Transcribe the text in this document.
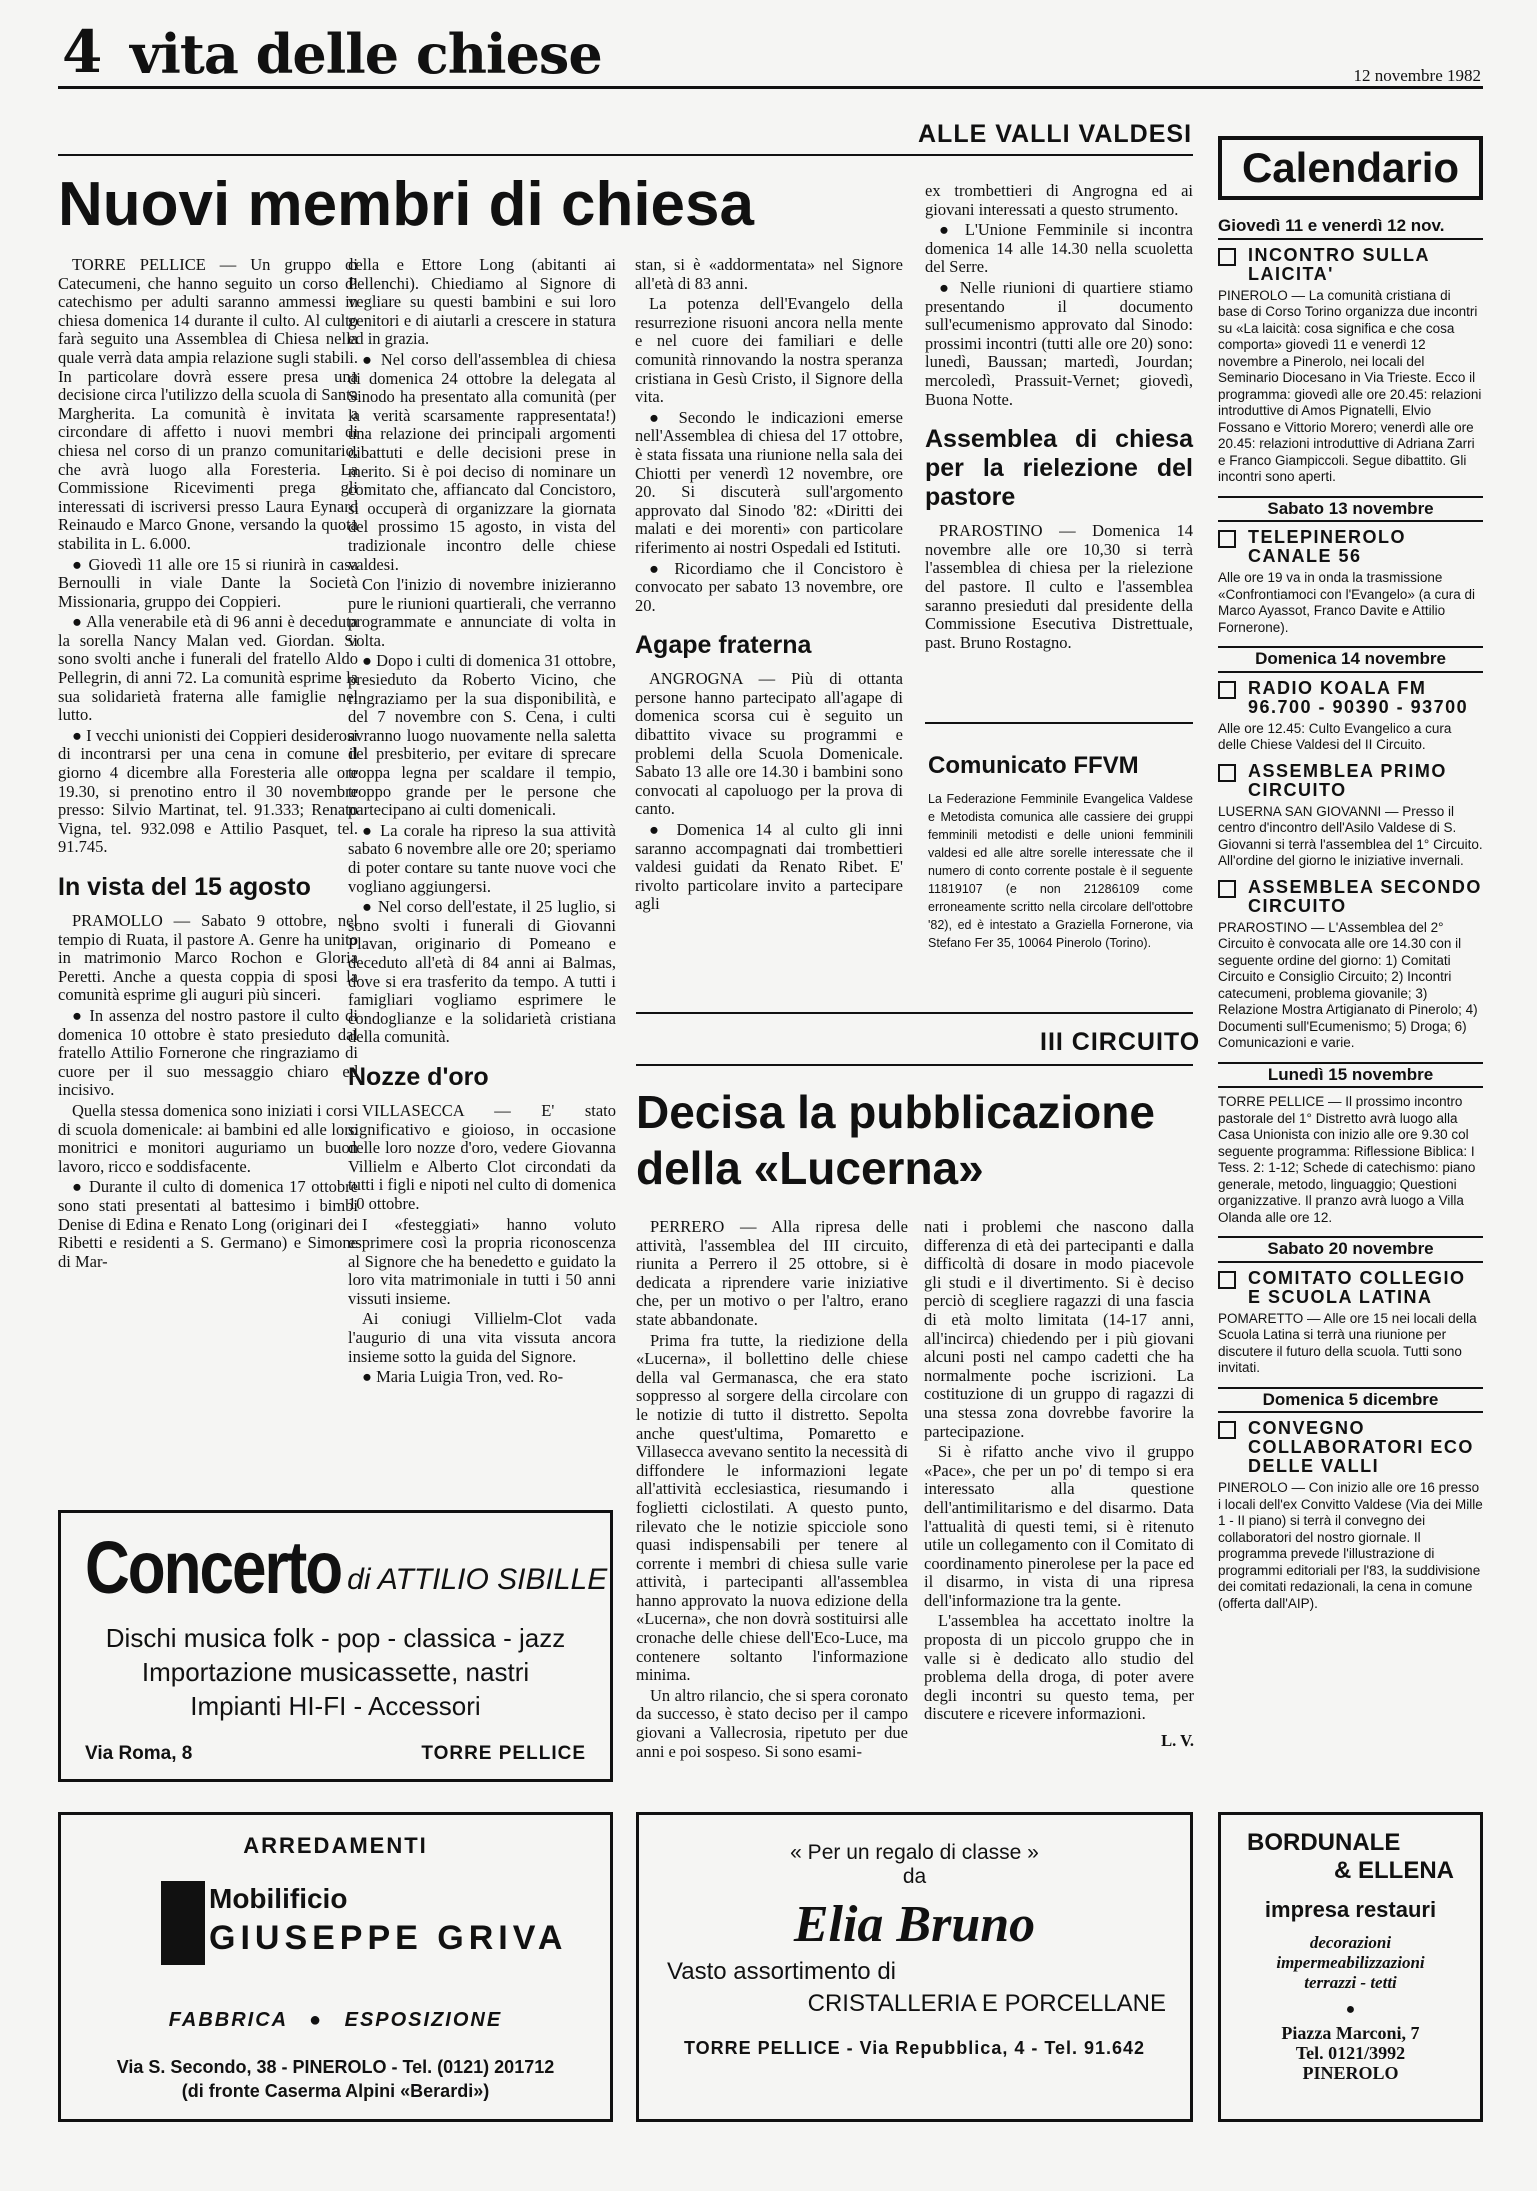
4 vita delle chiese	12 novembre 1982
ALLE VALLI VALDESI
Nuovi membri di chiesa

TORRE PELLICE — Un gruppo di Catecumeni, che hanno seguito un corso di catechismo per adulti saranno ammessi in chiesa domenica 14 durante il culto. Al culto farà seguito una Assemblea di Chiesa nella quale verrà data ampia relazione sugli stabili. In particolare dovrà essere presa una decisione circa l'utilizzo della scuola di Santa Margherita. La comunità è invitata a circondare di affetto i nuovi membri di chiesa nel corso di un pranzo comunitario, che avrà luogo alla Foresteria. La Commissione Ricevimenti prega gli interessati di iscriversi presso Laura Eynard Reinaudo e Marco Gnone, versando la quota stabilita in L. 6.000.

● Giovedì 11 alle ore 15 si riunirà in casa Bernoulli in viale Dante la Società Missionaria, gruppo dei Coppieri.

● Alla venerabile età di 96 anni è deceduta la sorella Nancy Malan ved. Giordan. Si sono svolti anche i funerali del fratello Aldo Pellegrin, di anni 72. La comunità esprime la sua solidarietà fraterna alle famiglie nel lutto.

● I vecchi unionisti dei Coppieri desiderosi di incontrarsi per una cena in comune il giorno 4 dicembre alla Foresteria alle ore 19.30, si prenotino entro il 30 novembre presso: Silvio Martinat, tel. 91.333; Renato Vigna, tel. 932.098 e Attilio Pasquet, tel. 91.745.

In vista del 15 agosto

PRAMOLLO — Sabato 9 ottobre, nel tempio di Ruata, il pastore A. Genre ha unito in matrimonio Marco Rochon e Gloria Peretti. Anche a questa coppia di sposi la comunità esprime gli auguri più sinceri.

● In assenza del nostro pastore il culto di domenica 10 ottobre è stato presieduto dal fratello Attilio Fornerone che ringraziamo di cuore per il suo messaggio chiaro ed incisivo.

Quella stessa domenica sono iniziati i corsi di scuola domenicale: ai bambini ed alle loro monitrici e monitori auguriamo un buon lavoro, ricco e soddisfacente.

● Durante il culto di domenica 17 ottobre sono stati presentati al battesimo i bimbi Denise di Edina e Renato Long (originari dei Ribetti e residenti a S. Germano) e Simone di Mar-

cella e Ettore Long (abitanti ai Pellenchi). Chiediamo al Signore di vegliare su questi bambini e sui loro genitori e di aiutarli a crescere in statura ed in grazia.

● Nel corso dell'assemblea di chiesa di domenica 24 ottobre la delegata al Sinodo ha presentato alla comunità (per la verità scarsamente rappresentata!) una relazione dei principali argomenti dibattuti e delle decisioni prese in merito. Si è poi deciso di nominare un comitato che, affiancato dal Concistoro, si occuperà di organizzare la giornata del prossimo 15 agosto, in vista del tradizionale incontro delle chiese valdesi.

Con l'inizio di novembre inizieranno pure le riunioni quartierali, che verranno programmate e annunciate di volta in volta.

● Dopo i culti di domenica 31 ottobre, presieduto da Roberto Vicino, che ringraziamo per la sua disponibilità, e del 7 novembre con S. Cena, i culti avranno luogo nuovamente nella saletta del presbiterio, per evitare di sprecare troppa legna per scaldare il tempio, troppo grande per le persone che partecipano ai culti domenicali.

● La corale ha ripreso la sua attività sabato 6 novembre alle ore 20; speriamo di poter contare su tante nuove voci che vogliano aggiungersi.

● Nel corso dell'estate, il 25 luglio, si sono svolti i funerali di Giovanni Plavan, originario di Pomeano e deceduto all'età di 84 anni ai Balmas, dove si era trasferito da tempo. A tutti i famigliari vogliamo esprimere le condoglianze e la solidarietà cristiana della comunità.

Nozze d'oro

VILLASECCA — E' stato significativo e gioioso, in occasione delle loro nozze d'oro, vedere Giovanna Villielm e Alberto Clot circondati da tutti i figli e nipoti nel culto di domenica 10 ottobre.

I «festeggiati» hanno voluto esprimere così la propria riconoscenza al Signore che ha benedetto e guidato la loro vita matrimoniale in tutti i 50 anni vissuti insieme.

Ai coniugi Villielm-Clot vada l'augurio di una vita vissuta ancora insieme sotto la guida del Signore.

● Maria Luigia Tron, ved. Ro-

stan, si è «addormentata» nel Signore all'età di 83 anni.

La potenza dell'Evangelo della resurrezione risuoni ancora nella mente e nel cuore dei familiari e delle comunità rinnovando la nostra speranza cristiana in Gesù Cristo, il Signore della vita.

● Secondo le indicazioni emerse nell'Assemblea di chiesa del 17 ottobre, è stata fissata una riunione nella sala dei Chiotti per venerdì 12 novembre, ore 20. Si discuterà sull'argomento approvato dal Sinodo '82: «Diritti dei malati e dei morenti» con particolare riferimento ai nostri Ospedali ed Istituti.

● Ricordiamo che il Concistoro è convocato per sabato 13 novembre, ore 20.

Agape fraterna

ANGROGNA — Più di ottanta persone hanno partecipato all'agape di domenica scorsa cui è seguito un dibattito vivace su programmi e problemi della Scuola Domenicale. Sabato 13 alle ore 14.30 i bambini sono convocati al capoluogo per la prova di canto.

● Domenica 14 al culto gli inni saranno accompagnati dai trombettieri valdesi guidati da Renato Ribet. E' rivolto particolare invito a partecipare agli

ex trombettieri di Angrogna ed ai giovani interessati a questo strumento.

● L'Unione Femminile si incontra domenica 14 alle 14.30 nella scuoletta del Serre.

● Nelle riunioni di quartiere stiamo presentando il documento sull'ecumenismo approvato dal Sinodo: prossimi incontri (tutti alle ore 20) sono: lunedì, Baussan; martedì, Jourdan; mercoledì, Prassuit-Vernet; giovedì, Buona Notte.

Assemblea di chiesa per la rielezione del pastore

PRAROSTINO — Domenica 14 novembre alle ore 10,30 si terrà l'assemblea di chiesa per la rielezione del pastore. Il culto e l'assemblea saranno presieduti dal presidente della Commissione Esecutiva Distrettuale, past. Bruno Rostagno.

Comunicato FFVM
La Federazione Femminile Evangelica Valdese e Metodista comunica alle cassiere dei gruppi femminili metodisti e delle unioni femminili valdesi ed alle altre sorelle interessate che il numero di conto corrente postale è il seguente 11819107 (e non 21286109 come erroneamente scritto nella circolare dell'ottobre '82), ed è intestato a Graziella Fornerone, via Stefano Fer 35, 10064 Pinerolo (Torino).
III CIRCUITO
Decisa la pubblicazione della «Lucerna»

PERRERO — Alla ripresa delle attività, l'assemblea del III circuito, riunita a Perrero il 25 ottobre, si è dedicata a riprendere varie iniziative che, per un motivo o per l'altro, erano state abbandonate.

Prima fra tutte, la riedizione della «Lucerna», il bollettino delle chiese della val Germanasca, che era stato soppresso al sorgere della circolare con le notizie di tutto il distretto. Sepolta anche quest'ultima, Pomaretto e Villasecca avevano sentito la necessità di diffondere le informazioni legate all'attività ecclesiastica, riesumando i foglietti ciclostilati. A questo punto, rilevato che le notizie spicciole sono quasi indispensabili per tenere al corrente i membri di chiesa sulle varie attività, i partecipanti all'assemblea hanno approvato la nuova edizione della «Lucerna», che non dovrà sostituirsi alle cronache delle chiese dell'Eco-Luce, ma contenere soltanto l'informazione minima.

Un altro rilancio, che si spera coronato da successo, è stato deciso per il campo giovani a Vallecrosia, ripetuto per due anni e poi sospeso. Si sono esami-

nati i problemi che nascono dalla differenza di età dei partecipanti e dalla difficoltà di dosare in modo piacevole gli studi e il divertimento. Si è deciso perciò di scegliere ragazzi di una fascia di età molto limitata (14-17 anni, all'incirca) chiedendo per i più giovani alcuni posti nel campo cadetti che ha normalmente poche iscrizioni. La costituzione di un gruppo di ragazzi di una stessa zona dovrebbe favorire la partecipazione.

Si è rifatto anche vivo il gruppo «Pace», che per un po' di tempo si era interessato alla questione dell'antimilitarismo e del disarmo. Data l'attualità di questi temi, si è ritenuto utile un collegamento con il Comitato di coordinamento pinerolese per la pace ed il disarmo, in vista di una ripresa dell'informazione tra la gente.

L'assemblea ha accettato inoltre la proposta di un piccolo gruppo che in valle si è dedicato allo studio del problema della droga, di poter avere degli incontri su questo tema, per discutere e ricevere informazioni.

L. V.
Calendario
Giovedì 11 e venerdì 12 nov.
INCONTRO SULLA LAICITA'
PINEROLO — La comunità cristiana di base di Corso Torino organizza due incontri su «La laicità: cosa significa e che cosa comporta» giovedì 11 e venerdì 12 novembre a Pinerolo, nei locali del Seminario Diocesano in Via Trieste. Ecco il programma: giovedì alle ore 20.45: relazioni introduttive di Amos Pignatelli, Elvio Fossano e Vittorio Morero; venerdì alle ore 20.45: relazioni introduttive di Adriana Zarri e Franco Giampiccoli. Segue dibattito. Gli incontri sono aperti.
Sabato 13 novembre
TELEPINEROLO CANALE 56
Alle ore 19 va in onda la trasmissione «Confrontiamoci con l'Evangelo» (a cura di Marco Ayassot, Franco Davite e Attilio Fornerone).
Domenica 14 novembre
RADIO KOALA FM 96.700 - 90390 - 93700
Alle ore 12.45: Culto Evangelico a cura delle Chiese Valdesi del II Circuito.
ASSEMBLEA PRIMO CIRCUITO
LUSERNA SAN GIOVANNI — Presso il centro d'incontro dell'Asilo Valdese di S. Giovanni si terrà l'assemblea del 1° Circuito. All'ordine del giorno le iniziative invernali.
ASSEMBLEA SECONDO CIRCUITO
PRAROSTINO — L'Assemblea del 2° Circuito è convocata alle ore 14.30 con il seguente ordine del giorno: 1) Comitati Circuito e Consiglio Circuito; 2) Incontri catecumeni, problema giovanile; 3) Relazione Mostra Artigianato di Pinerolo; 4) Documenti sull'Ecumenismo; 5) Droga; 6) Comunicazioni e varie.
Lunedì 15 novembre
TORRE PELLICE — Il prossimo incontro pastorale del 1° Distretto avrà luogo alla Casa Unionista con inizio alle ore 9.30 col seguente programma: Riflessione Biblica: I Tess. 2: 1-12; Schede di catechismo: piano generale, metodo, linguaggio; Questioni organizzative. Il pranzo avrà luogo a Villa Olanda alle ore 12.
Sabato 20 novembre
COMITATO COLLEGIO E SCUOLA LATINA
POMARETTO — Alle ore 15 nei locali della Scuola Latina si terrà una riunione per discutere il futuro della scuola. Tutti sono invitati.
Domenica 5 dicembre
CONVEGNO COLLABORATORI ECO DELLE VALLI
PINEROLO — Con inizio alle ore 16 presso i locali dell'ex Convitto Valdese (Via dei Mille 1 - II piano) si terrà il convegno dei collaboratori del nostro giornale. Il programma prevede l'illustrazione di programmi editoriali per l'83, la suddivisione dei comitati redazionali, la cena in comune (offerta dall'AIP).
Concerto di ATTILIO SIBILLE
Dischi musica folk - pop - classica - jazz
Importazione musicassette, nastri
Impianti HI-FI - Accessori
Via Roma, 8	TORRE PELLICE
ARREDAMENTI
Mobilificio
GIUSEPPE GRIVA
FABBRICA ● ESPOSIZIONE
Via S. Secondo, 38 - PINEROLO - Tel. (0121) 201712
(di fronte Caserma Alpini «Berardi»)
« Per un regalo di classe »
da
Elia Bruno
Vasto assortimento di
CRISTALLERIA E PORCELLANE
TORRE PELLICE - Via Repubblica, 4 - Tel. 91.642
BORDUNALE
& ELLENA
impresa restauri
decorazioni
impermeabilizzazioni
terrazzi - tetti
●
Piazza Marconi, 7
Tel. 0121/3992
PINEROLO
